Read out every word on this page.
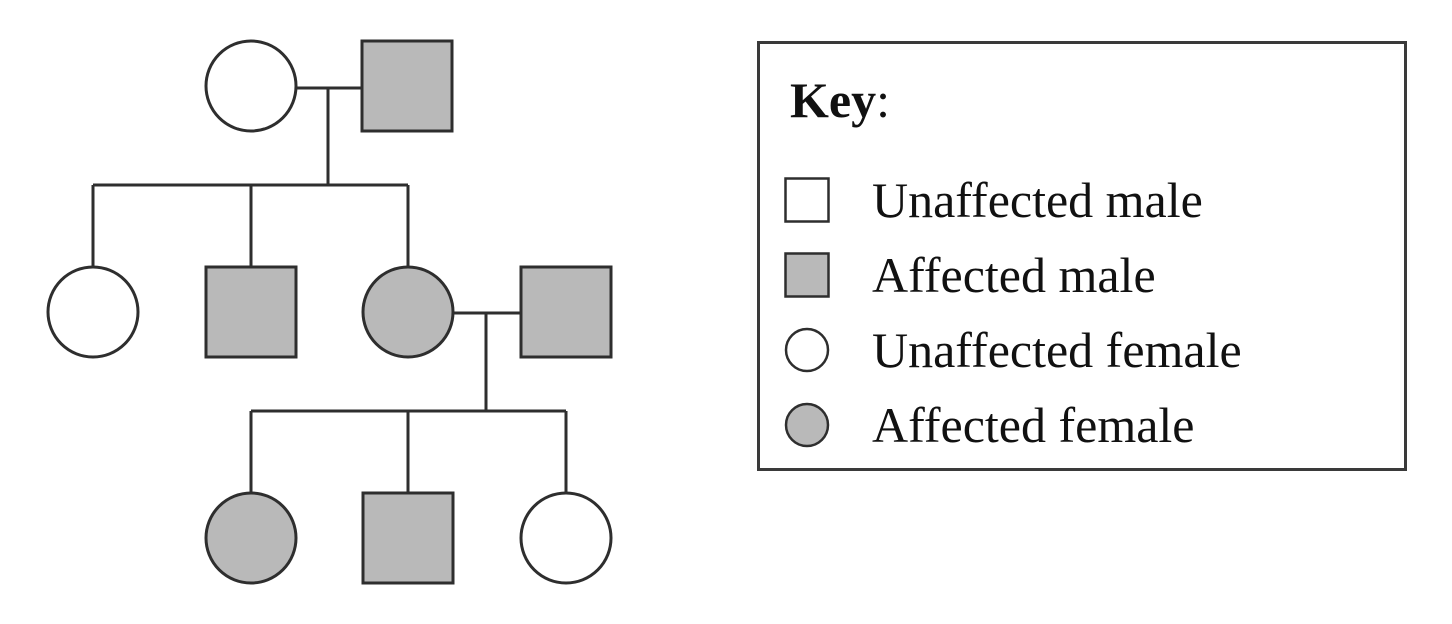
Key:
Unaffected male
Affected male
Unaffected female
Affected female
